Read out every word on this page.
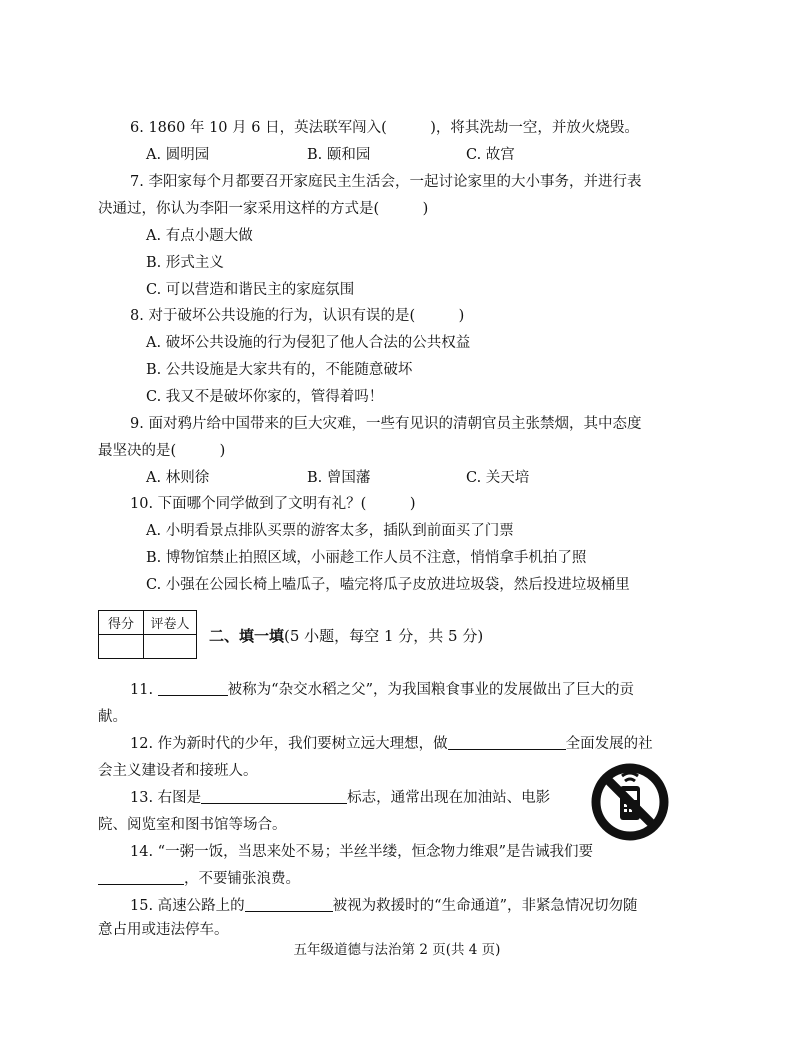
6. 1860 年 10 月 6 日，英法联军闯入(　　　)，将其洗劫一空，并放火烧毁。
A. 圆明园	B. 颐和园	C. 故宫
7. 李阳家每个月都要召开家庭民主生活会，一起讨论家里的大小事务，并进行表
决通过，你认为李阳一家采用这样的方式是(　　　)
A. 有点小题大做
B. 形式主义
C. 可以营造和谐民主的家庭氛围
8. 对于破坏公共设施的行为，认识有误的是(　　　)
A. 破坏公共设施的行为侵犯了他人合法的公共权益
B. 公共设施是大家共有的，不能随意破坏
C. 我又不是破坏你家的，管得着吗！
9. 面对鸦片给中国带来的巨大灾难，一些有见识的清朝官员主张禁烟，其中态度
最坚决的是(　　　)
A. 林则徐	B. 曾国藩	C. 关天培
10. 下面哪个同学做到了文明有礼？(　　　)
A. 小明看景点排队买票的游客太多，插队到前面买了门票
B. 博物馆禁止拍照区域，小丽趁工作人员不注意，悄悄拿手机拍了照
C. 小强在公园长椅上嗑瓜子，嗑完将瓜子皮放进垃圾袋，然后投进垃圾桶里
得分	评卷人

二、填一填(5 小题，每空 1 分，共 5 分)
11.	被称为“杂交水稻之父”，为我国粮食事业的发展做出了巨大的贡
献。
12. 作为新时代的少年，我们要树立远大理想，做	全面发展的社
会主义建设者和接班人。
13. 右图是	标志，通常出现在加油站、电影
院、阅览室和图书馆等场合。
14. “一粥一饭，当思来处不易；半丝半缕，恒念物力维艰”是告诫我们要
，不要铺张浪费。
15. 高速公路上的	被视为救援时的“生命通道”，非紧急情况切勿随
意占用或违法停车。
五年级道德与法治第 2 页(共 4 页)
